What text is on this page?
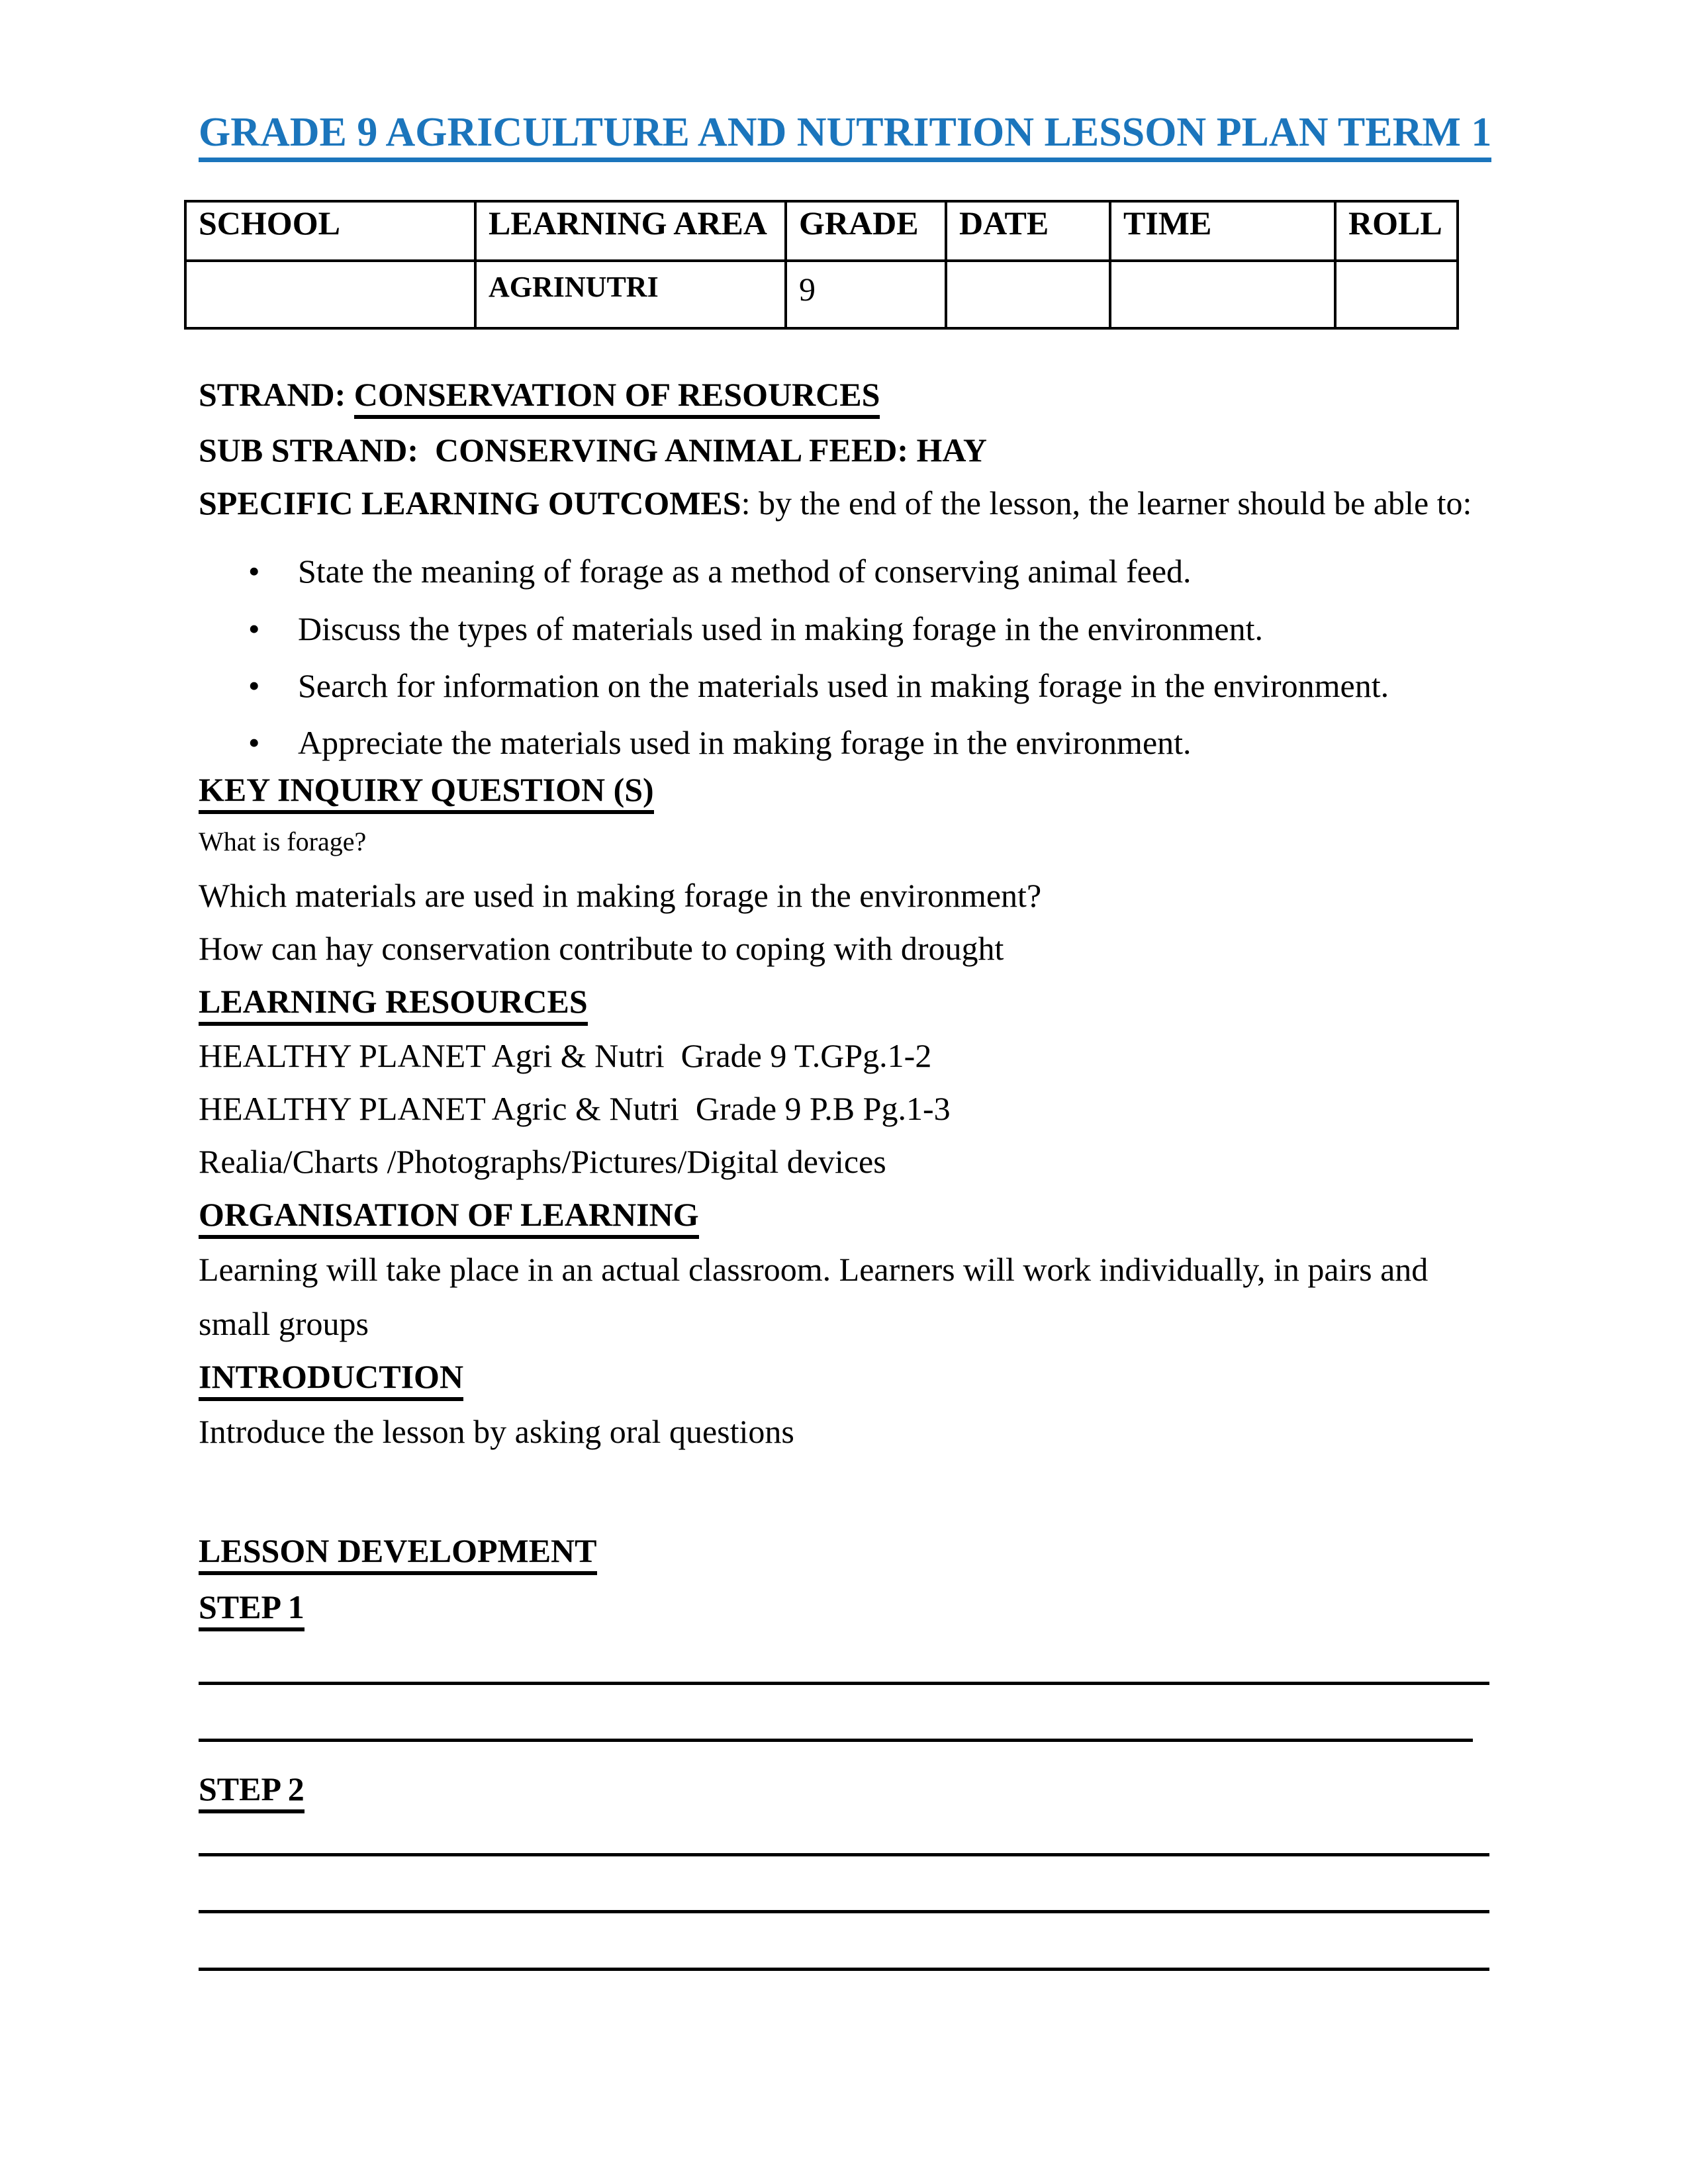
GRADE 9 AGRICULTURE AND NUTRITION LESSON PLAN TERM 1
SCHOOL	LEARNING AREA	GRADE	DATE	TIME	ROLL
	AGRINUTRI	9			
STRAND: CONSERVATION OF RESOURCES
SUB STRAND:  CONSERVING ANIMAL FEED: HAY
SPECIFIC LEARNING OUTCOMES: by the end of the lesson, the learner should be able to:
• State the meaning of forage as a method of conserving animal feed.
• Discuss the types of materials used in making forage in the environment.
• Search for information on the materials used in making forage in the environment.
• Appreciate the materials used in making forage in the environment.
KEY INQUIRY QUESTION (S)
What is forage?
Which materials are used in making forage in the environment?
How can hay conservation contribute to coping with drought
LEARNING RESOURCES
HEALTHY PLANET Agri & Nutri  Grade 9 T.GPg.1-2
HEALTHY PLANET Agric & Nutri  Grade 9 P.B Pg.1-3
Realia/Charts /Photographs/Pictures/Digital devices
ORGANISATION OF LEARNING
Learning will take place in an actual classroom. Learners will work individually, in pairs and
small groups
INTRODUCTION
Introduce the lesson by asking oral questions
LESSON DEVELOPMENT
STEP 1
STEP 2
